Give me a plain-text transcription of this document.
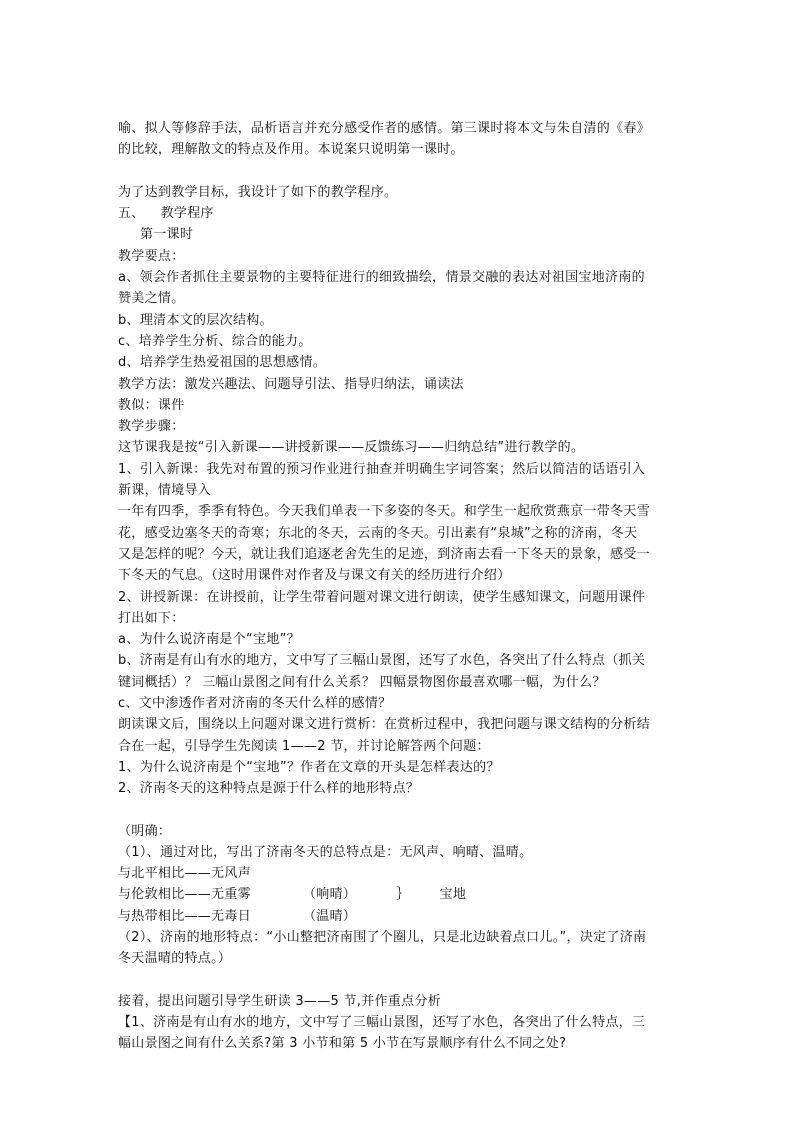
喻、拟人等修辞手法，品析语言并充分感受作者的感情。第三课时将本文与朱自清的《春》
的比较，理解散文的特点及作用。本说案只说明第一课时。
为了达到教学目标，我设计了如下的教学程序。
五、 教学程序
第一课时
教学要点：
a、领会作者抓住主要景物的主要特征进行的细致描绘，情景交融的表达对祖国宝地济南的
赞美之情。
b、理清本文的层次结构。
c、培养学生分析、综合的能力。
d、培养学生热爱祖国的思想感情。
教学方法：激发兴趣法、问题导引法、指导归纳法，诵读法
教似：课件
教学步骤：
这节课我是按“引入新课——讲授新课——反馈练习——归纳总结”进行教学的。
1、引入新课：我先对布置的预习作业进行抽查并明确生字词答案；然后以简洁的话语引入
新课，情境导入
一年有四季，季季有特色。今天我们单表一下多姿的冬天。和学生一起欣赏燕京一带冬天雪
花，感受边塞冬天的奇寒；东北的冬天，云南的冬天。引出素有“泉城”之称的济南，冬天
又是怎样的呢？今天，就让我们追逐老舍先生的足迹，到济南去看一下冬天的景象，感受一
下冬天的气息。（这时用课件对作者及与课文有关的经历进行介绍）
2、讲授新课：在讲授前，让学生带着问题对课文进行朗读，使学生感知课文，问题用课件
打出如下：
a、为什么说济南是个“宝地”？
b、济南是有山有水的地方，文中写了三幅山景图，还写了水色，各突出了什么特点（抓关
键词概括）？ 三幅山景图之间有什么关系？ 四幅景物图你最喜欢哪一幅，为什么？
c、文中渗透作者对济南的冬天什么样的感情？
朗读课文后，围绕以上问题对课文进行赏析：在赏析过程中，我把问题与课文结构的分析结
合在一起，引导学生先阅读 1——2 节，并讨论解答两个问题：
1、为什么说济南是个“宝地”？作者在文章的开头是怎样表达的？
2、济南冬天的这种特点是源于什么样的地形特点？
（明确：
（1）、通过对比，写出了济南冬天的总特点是：无风声、响晴、温晴。
与北平相比——无风声
与伦敦相比——无重雾	（响晴）	｝ 宝地
与热带相比——无毒日	（温晴）
（2）、济南的地形特点：“小山整把济南围了个圈儿，只是北边缺着点口儿。”，决定了济南
冬天温晴的特点。）
接着，提出问题引导学生研读 3——5 节,并作重点分析
【1、济南是有山有水的地方，文中写了三幅山景图，还写了水色，各突出了什么特点，三
幅山景图之间有什么关系?第 3 小节和第 5 小节在写景顺序有什么不同之处?
